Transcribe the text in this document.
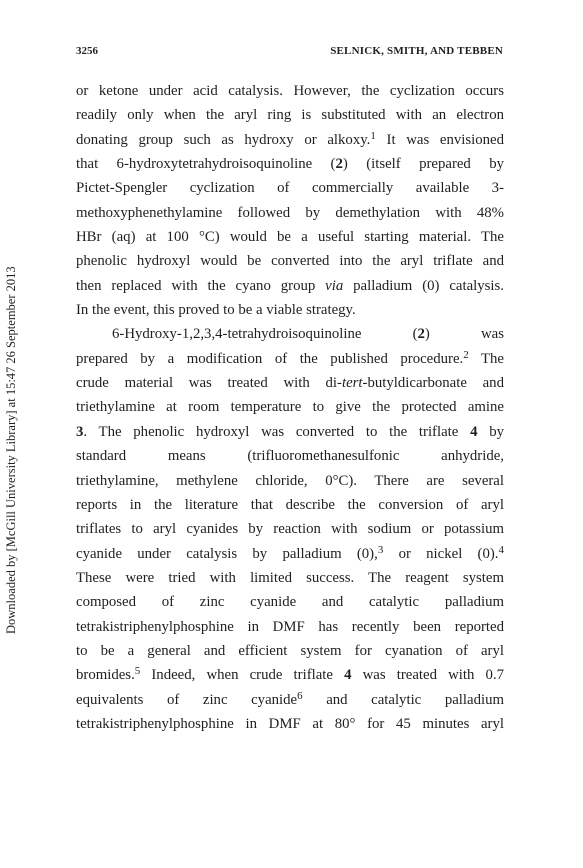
3256	SELNICK, SMITH, AND TEBBEN
Downloaded by [McGill University Library] at 15:47 26 September 2013
or ketone under acid catalysis. However, the cyclization occurs
readily only when the aryl ring is substituted with an electron
donating group such as hydroxy or alkoxy.$^1$ It was envisioned
that 6-hydroxytetrahydroisoquinoline (2) (itself prepared by
Pictet-Spengler cyclization of commercially available 3-
methoxyphenethylamine followed by demethylation with 48%
HBr (aq) at 100 °C) would be a useful starting material. The
phenolic hydroxyl would be converted into the aryl triflate and
then replaced with the cyano group via palladium (0) catalysis.
In the event, this proved to be a viable strategy.
6-Hydroxy-1,2,3,4-tetrahydroisoquinoline (2) was
prepared by a modification of the published procedure.$^2$ The
crude material was treated with di-tert-butyldicarbonate and
triethylamine at room temperature to give the protected amine
3. The phenolic hydroxyl was converted to the triflate 4 by
standard means (trifluoromethanesulfonic anhydride,
triethylamine, methylene chloride, 0°C). There are several
reports in the literature that describe the conversion of aryl
triflates to aryl cyanides by reaction with sodium or potassium
cyanide under catalysis by palladium (0),$^3$ or nickel (0).$^4$
These were tried with limited success. The reagent system
composed of zinc cyanide and catalytic palladium
tetrakistriphenylphosphine in DMF has recently been reported
to be a general and efficient system for cyanation of aryl
bromides.$^5$ Indeed, when crude triflate 4 was treated with 0.7
equivalents of zinc cyanide$^6$ and catalytic palladium
tetrakistriphenylphosphine in DMF at 80° for 45 minutes aryl
